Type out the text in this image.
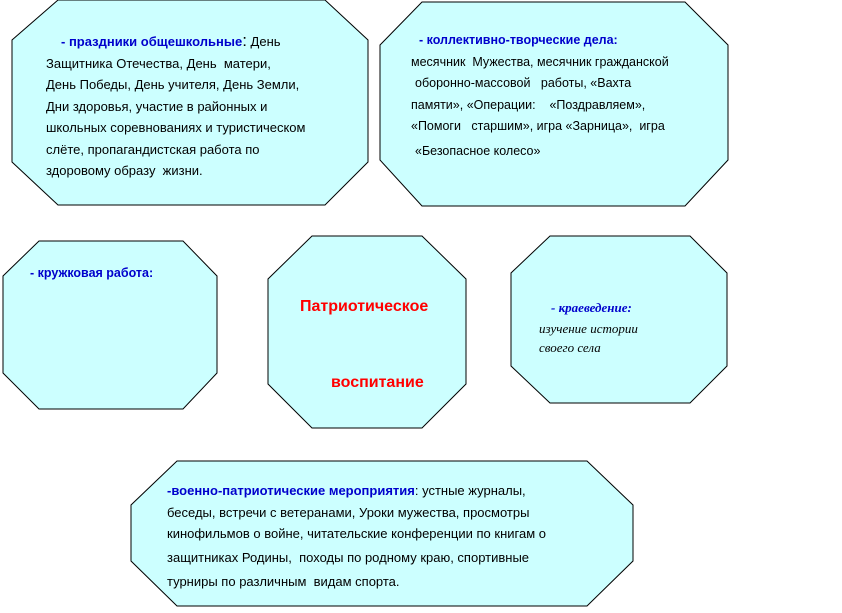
- праздники общешкольные: День
Защитника Отечества, День  матери,
День Победы, День учителя, День Земли,
Дни здоровья, участие в районных и
школьных соревнованиях и туристическом
слёте, пропагандистская работа по
здоровому образу  жизни.
- коллективно-творческие дела:
месячник  Мужества, месячник гражданской
оборонно-массовой   работы, «Вахта
памяти», «Операции:    «Поздравляем»,
«Помоги   старшим», игра «Зарница»,  игра
«Безопасное колесо»
- кружковая работа:
Патриотическое
воспитание
- краеведение:
изучение истории
своего села
-военно-патриотические мероприятия: устные журналы,
беседы, встречи с ветеранами, Уроки мужества, просмотры
кинофильмов о войне, читательские конференции по книгам о
защитниках Родины,  походы по родному краю, спортивные
турниры по различным  видам спорта.
